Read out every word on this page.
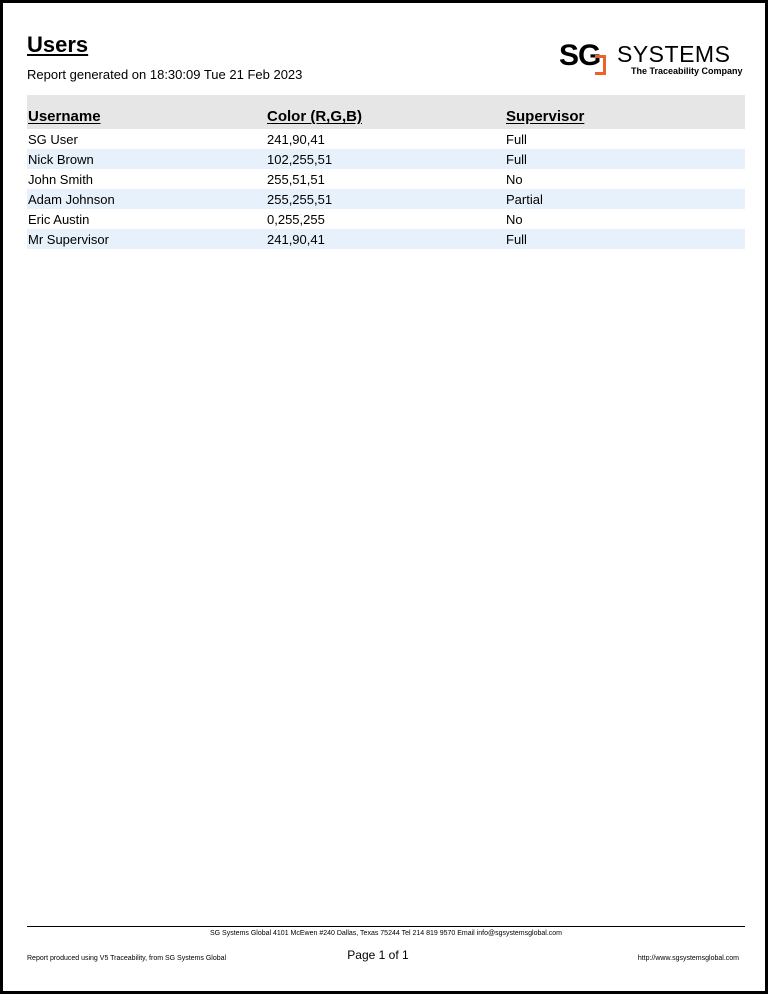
Users
Report generated on 18:30:09 Tue 21 Feb 2023
SG SYSTEMS
The Traceability Company
Username	Color (R,G,B)	Supervisor
SG User	241,90,41	Full
Nick Brown	102,255,51	Full
John Smith	255,51,51	No
Adam Johnson	255,255,51	Partial
Eric Austin	0,255,255	No
Mr Supervisor	241,90,41	Full
SG Systems Global 4101 McEwen #240 Dallas, Texas 75244 Tel 214 819 9570 Email info@sgsystemsglobal.com
Report produced using V5 Traceability, from SG Systems Global	Page 1 of 1	http://www.sgsystemsglobal.com
